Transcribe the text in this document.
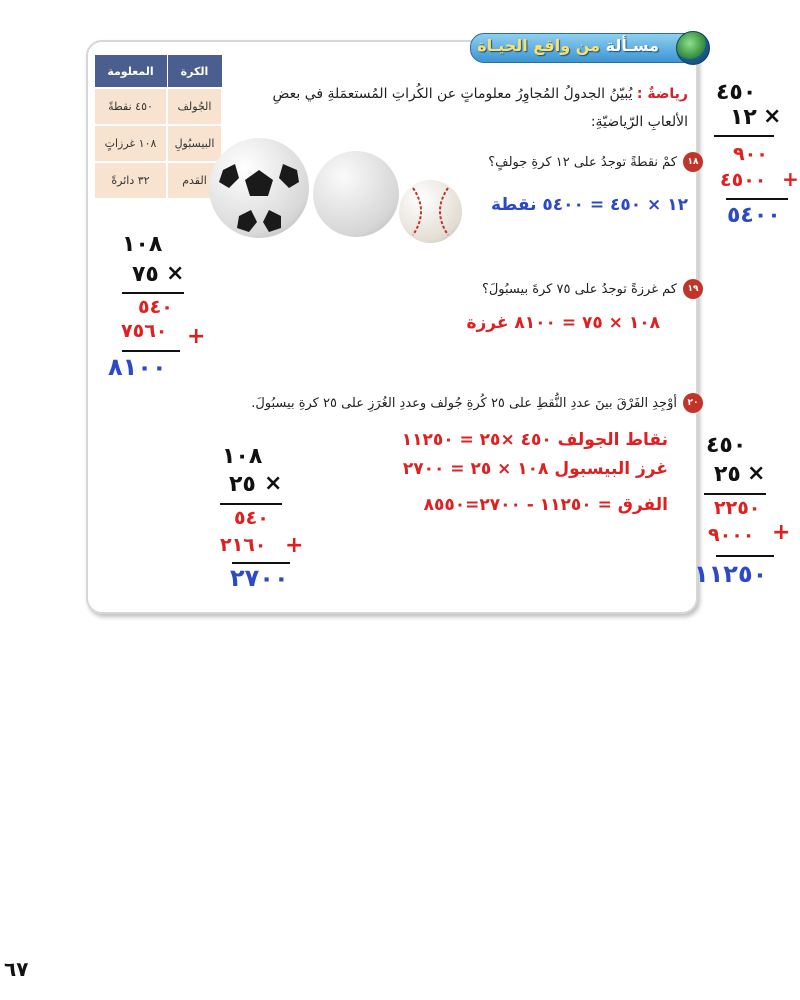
مسـألة من واقع الحيـاة
الكرة	المعلومة
الجُولف	٤٥٠ نقطةً
البيسبُولِ	١٠٨ غرزاتٍ
القدم	٣٢ دائرةً
رياضةٌ : يُبيّنُ الجدولُ المُجاوِرُ معلوماتٍ عن الكُراتِ المُستعمَلةِ في بعضِ
الألعابِ الرّياضيّةِ:
١٨
كمْ نقطةً توجدُ على ١٢ كرةِ جولفٍ؟
١٢ × ٤٥٠ = ٥٤٠٠ نقطة
١٩
كم غرزةً توجدُ على ٧٥ كرةَ بيسبُولَ؟
١٠٨ × ٧٥ = ٨١٠٠ غرزة
٢٠
أوْجِدِ الفَرْقَ بينَ عددِ النُّقطِ على ٢٥ كُرةِ جُولف وعددِ الغُرَزِ على ٢٥ كرةِ بيسبُولَ.
نقاط الجولف ٤٥٠ ×٢٥ = ١١٢٥٠
غرز البيسبول ١٠٨ × ٢٥ = ٢٧٠٠
الفرق = ١١٢٥٠ - ٢٧٠٠=٨٥٥٠
٤٥٠
١٢ ×
٩٠٠
٤٥٠٠ +
٥٤٠٠
١٠٨
٧٥ ×
٥٤٠
٧٥٦٠ +
٨١٠٠
١٠٨
٢٥ ×
٥٤٠
٢١٦٠ +
٢٧٠٠
٤٥٠
٢٥ ×
٢٢٥٠
٩٠٠٠ +
١١٢٥٠
٦٧
